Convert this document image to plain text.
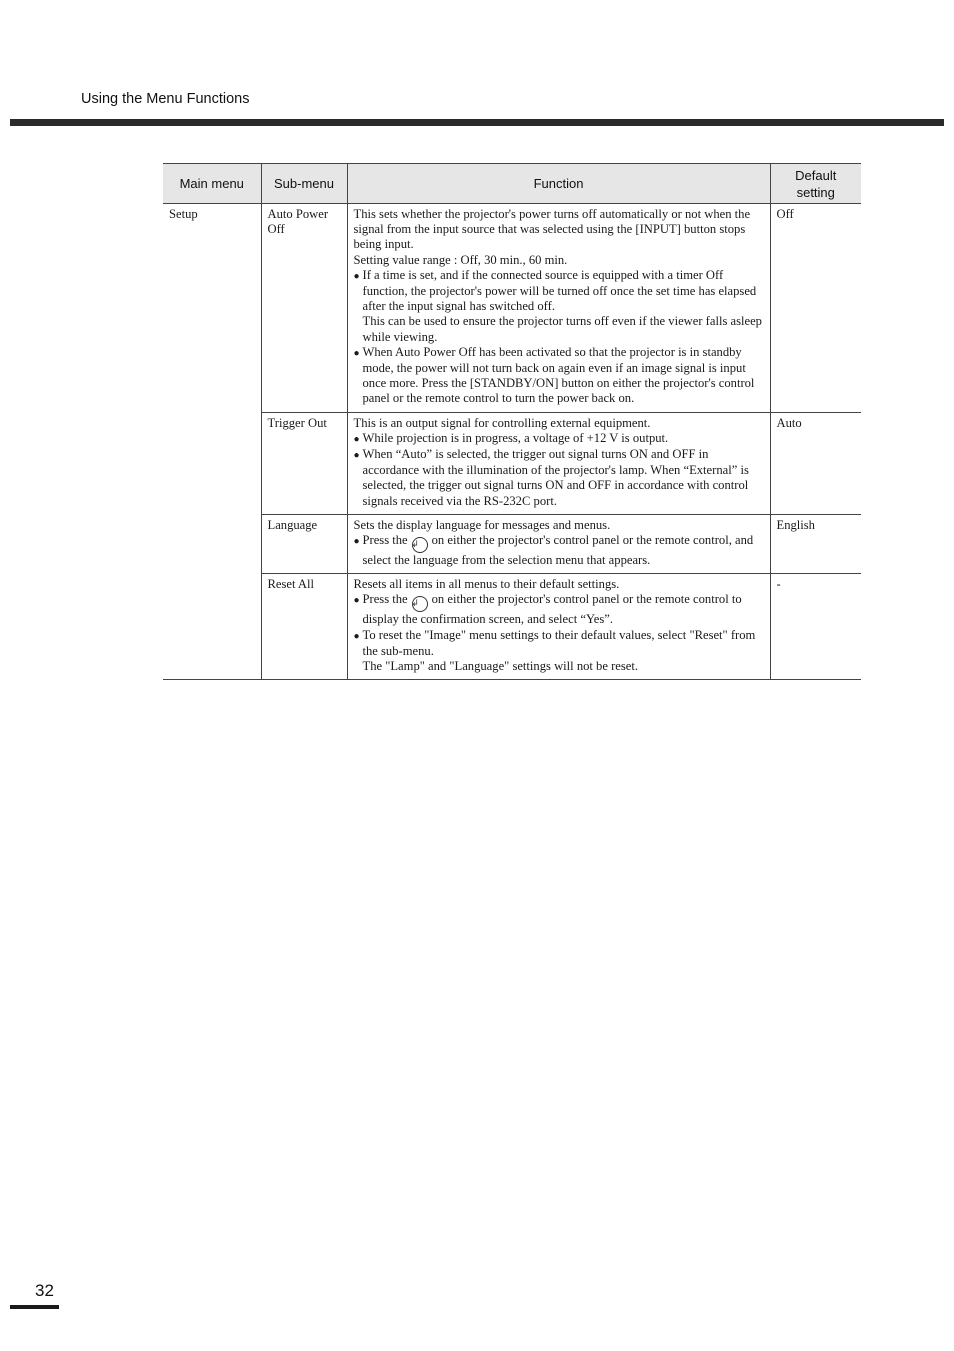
Using the Menu Functions
Main menu	Sub-menu	Function	Default setting

Setup	Auto Power Off	This sets whether the projector's power turns off automatically or not when the signal from the input source that was selected using the [INPUT] button stops being input.
Setting value range : Off, 30 min., 60 min.
● If a time is set, and if the connected source is equipped with a timer Off function, the projector's power will be turned off once the set time has elapsed after the input signal has switched off.
This can be used to ensure the projector turns off even if the viewer falls asleep while viewing.
● When Auto Power Off has been activated so that the projector is in standby mode, the power will not turn back on again even if an image signal is input once more. Press the [STANDBY/ON] button on either the projector's control panel or the remote control to turn the power back on.	Off
	Trigger Out	This is an output signal for controlling external equipment.
● While projection is in progress, a voltage of +12 V is output.
● When “Auto” is selected, the trigger out signal turns ON and OFF in accordance with the illumination of the projector's lamp. When “External” is selected, the trigger out signal turns ON and OFF in accordance with control signals received via the RS-232C port.	Auto
	Language	Sets the display language for messages and menus.
● Press the ↲ on either the projector's control panel or the remote control, and select the language from the selection menu that appears.	English
	Reset All	Resets all items in all menus to their default settings.
● Press the ↲ on either the projector's control panel or the remote control to display the confirmation screen, and select “Yes”.
● To reset the "Image" menu settings to their default values, select "Reset" from the sub-menu.
The "Lamp" and "Language" settings will not be reset.	-
32
